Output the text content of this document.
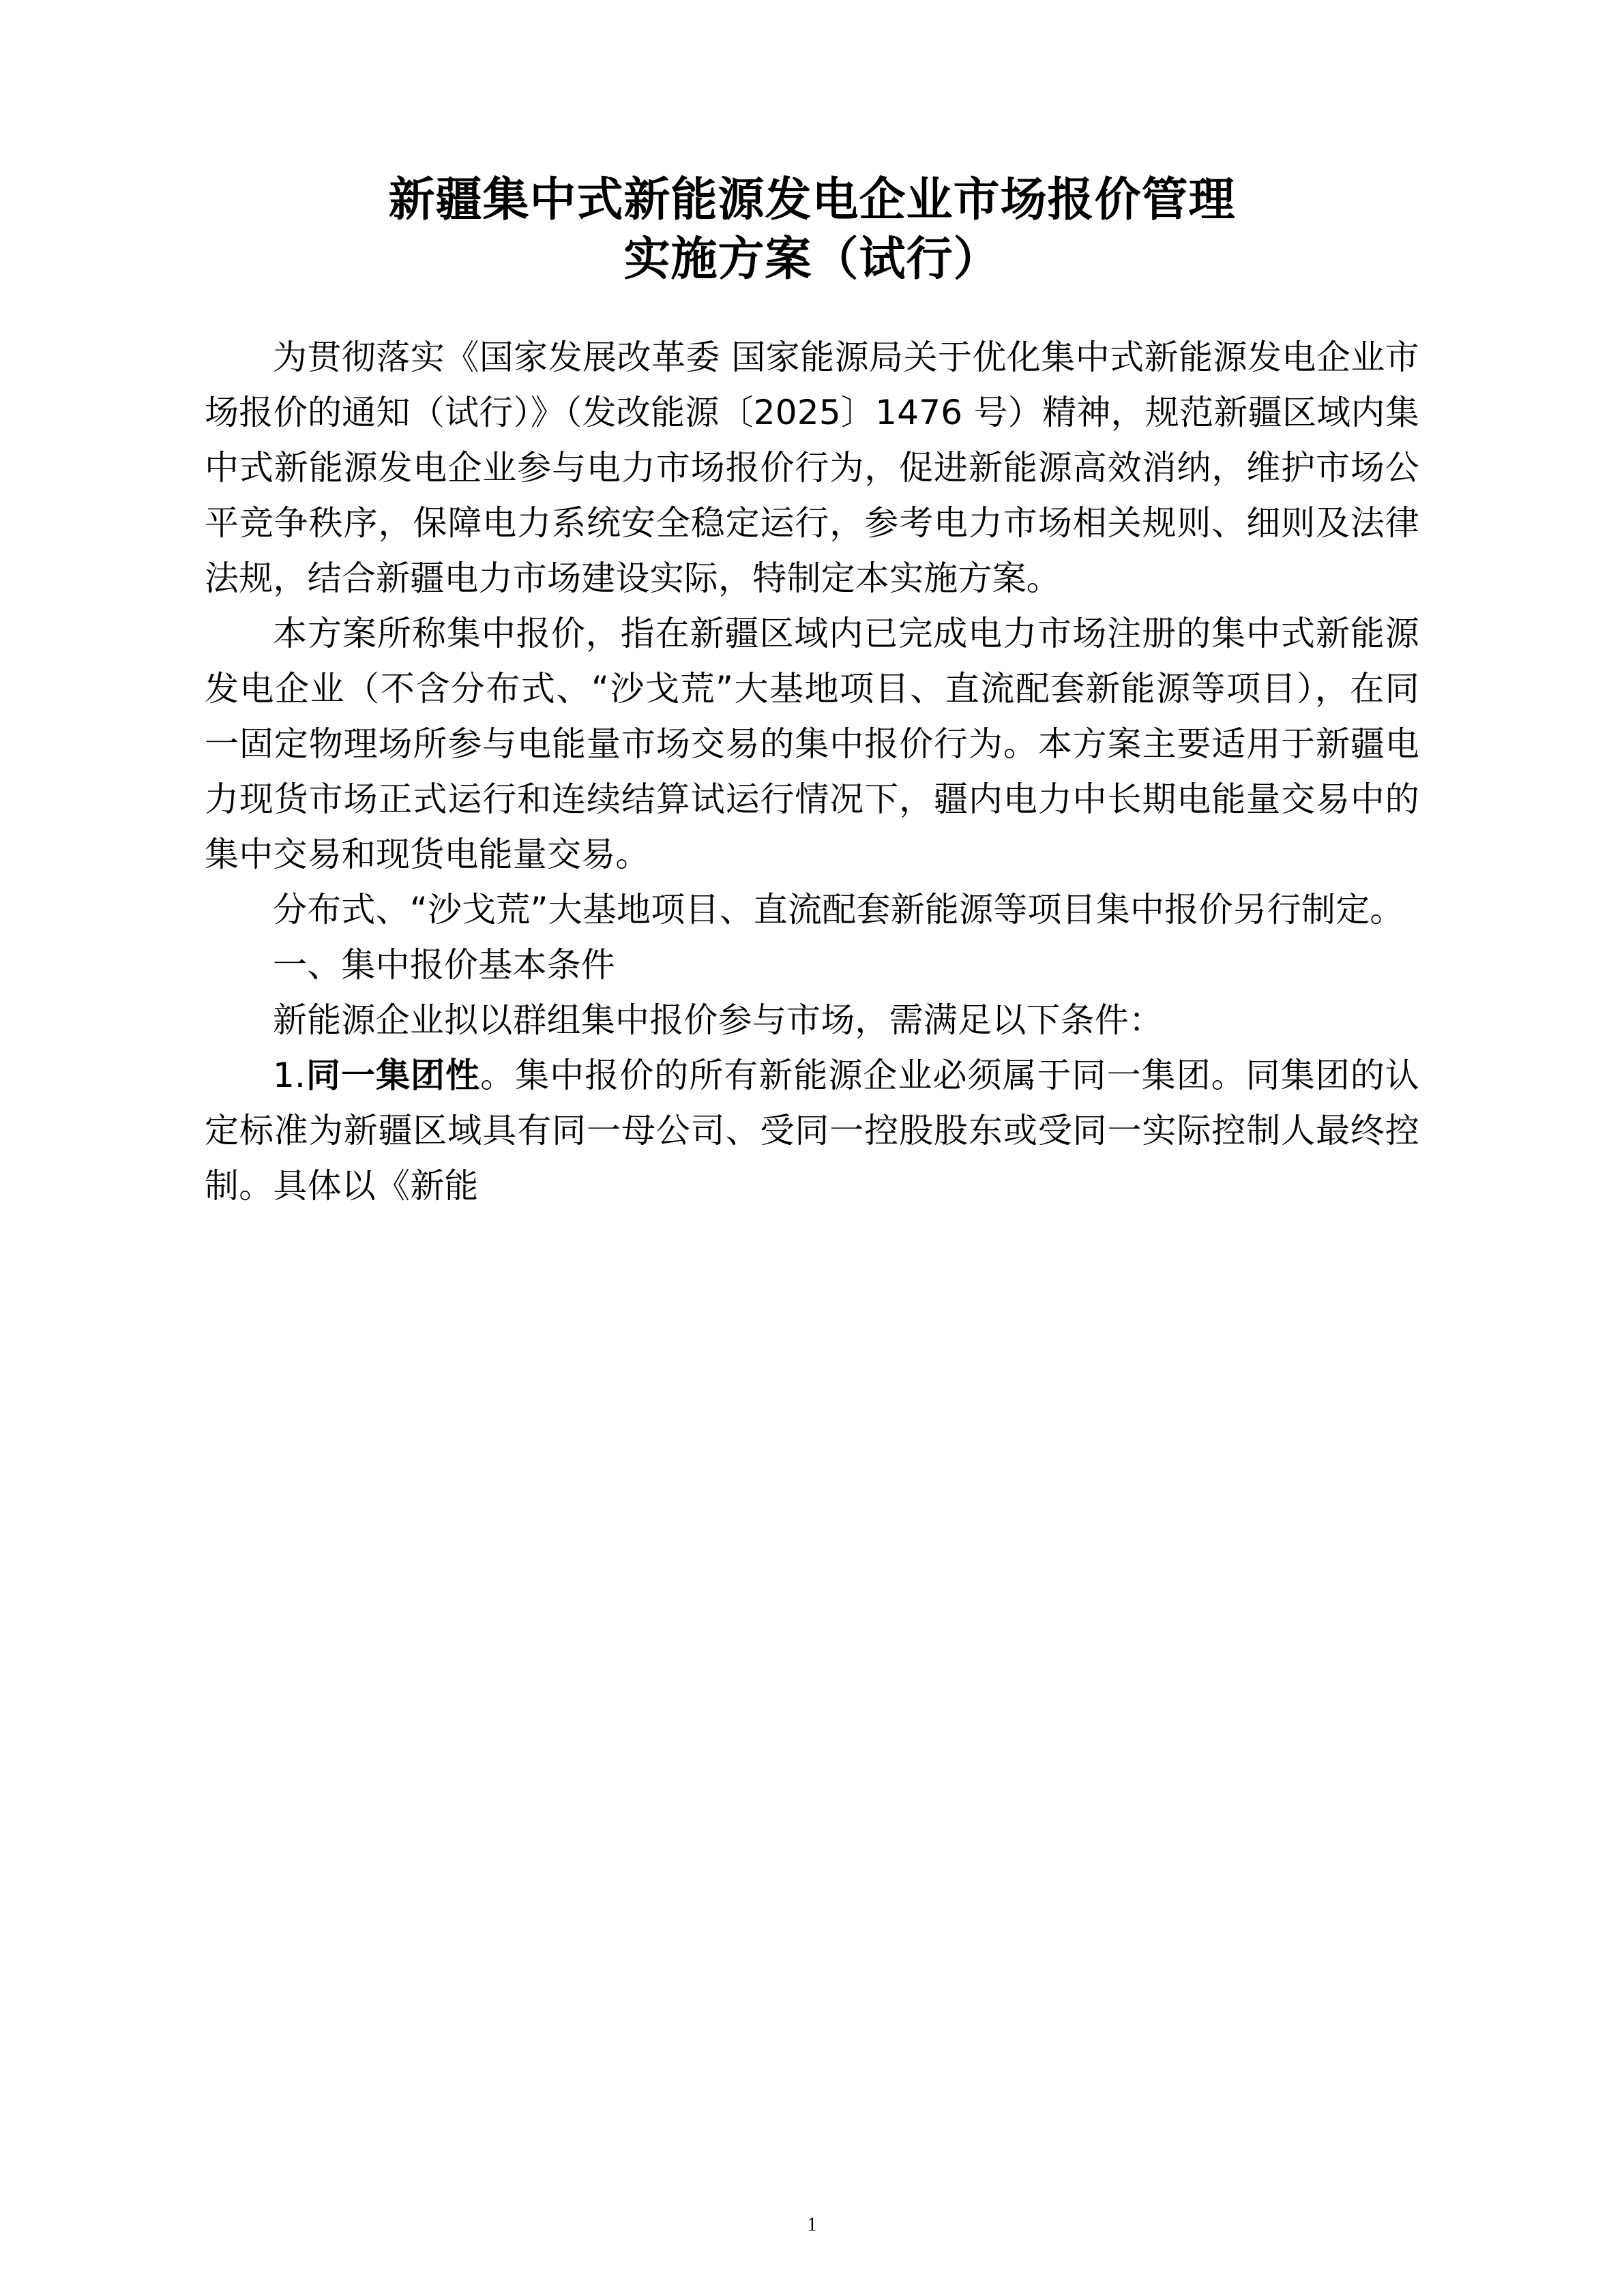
新疆集中式新能源发电企业市场报价管理
实施方案（试行）

为贯彻落实《国家发展改革委 国家能源局关于优化集中式新能源发电企业市场报价的通知（试行）》（发改能源〔2025〕1476 号）精神，规范新疆区域内集中式新能源发电企业参与电力市场报价行为，促进新能源高效消纳，维护市场公平竞争秩序，保障电力系统安全稳定运行，参考电力市场相关规则、细则及法律法规，结合新疆电力市场建设实际，特制定本实施方案。

本方案所称集中报价，指在新疆区域内已完成电力市场注册的集中式新能源发电企业（不含分布式、“沙戈荒”大基地项目、直流配套新能源等项目），在同一固定物理场所参与电能量市场交易的集中报价行为。本方案主要适用于新疆电力现货市场正式运行和连续结算试运行情况下，疆内电力中长期电能量交易中的集中交易和现货电能量交易。

分布式、“沙戈荒”大基地项目、直流配套新能源等项目集中报价另行制定。

一、集中报价基本条件

新能源企业拟以群组集中报价参与市场，需满足以下条件：

1.同一集团性。集中报价的所有新能源企业必须属于同一集团。同集团的认定标准为新疆区域具有同一母公司、受同一控股股东或受同一实际控制人最终控制。具体以《新能

1
